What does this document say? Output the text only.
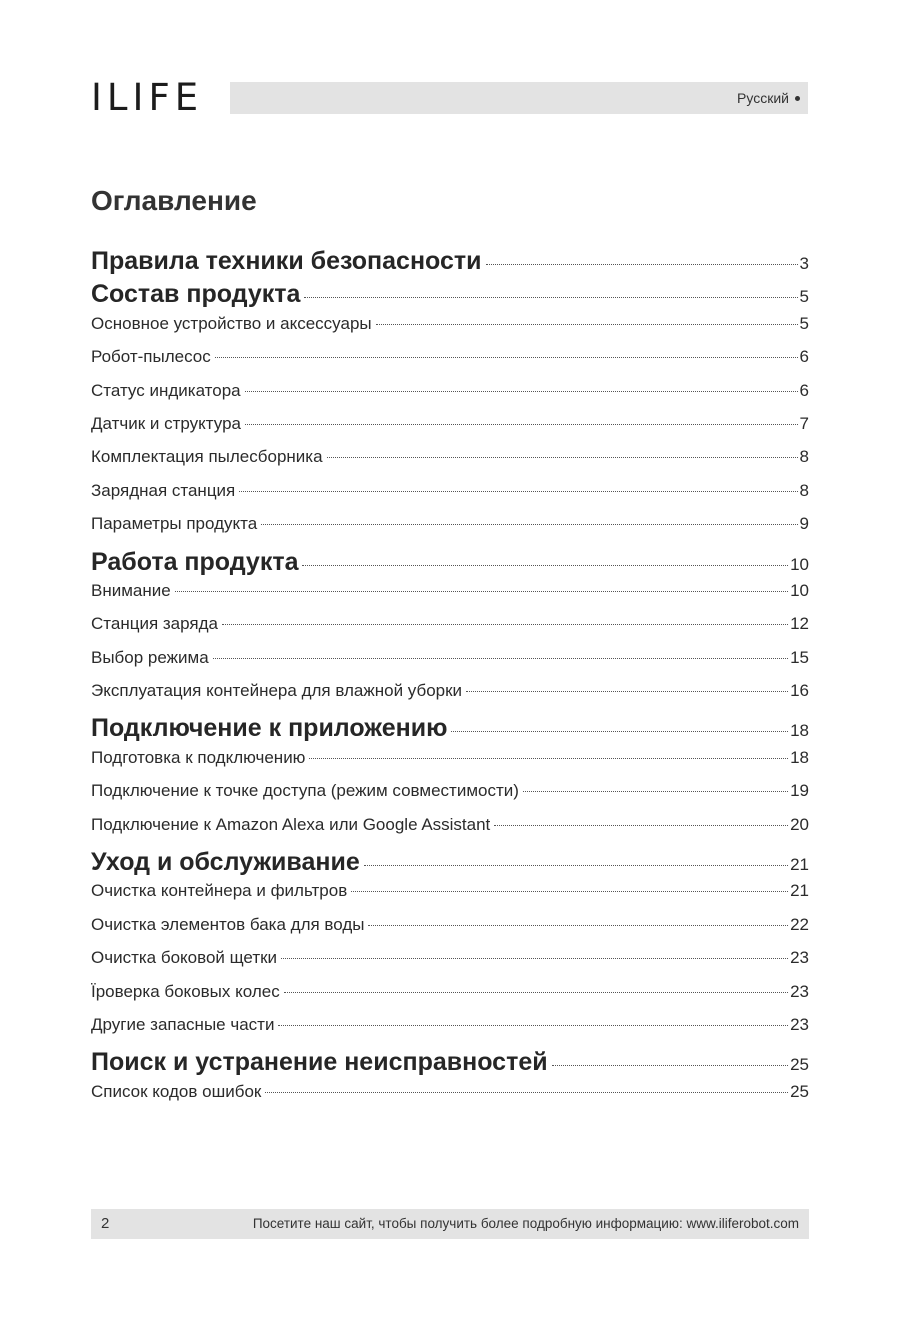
ILIFE	Русский
Оглавление
Правила техники безопасности	3
Состав продукта	5
Основное устройство и аксессуары	5
Робот-пылесос	6
Статус индикатора	6
Датчик и структура	7
Комплектация пылесборника	8
Зарядная станция	8
Параметры продукта	9
Работа продукта	10
Внимание	10
Станция заряда	12
Выбор режима	15
Эксплуатация контейнера для влажной уборки	16
Подключение к приложению	18
Подготовка к подключению	18
Подключение к точке доступа (режим совместимости)	19
Подключение к Amazon Alexa или Google Assistant	20
Уход и обслуживание	21
Очистка контейнера и фильтров	21
Очистка элементов бака для воды	22
Очистка боковой щетки	23
Їроверка боковых колес	23
Другие запасные части	23
Поиск и устранение неисправностей	25
Список кодов ошибок	25
2	Посетите наш сайт, чтобы получить более подробную информацию: www.iliferobot.com
